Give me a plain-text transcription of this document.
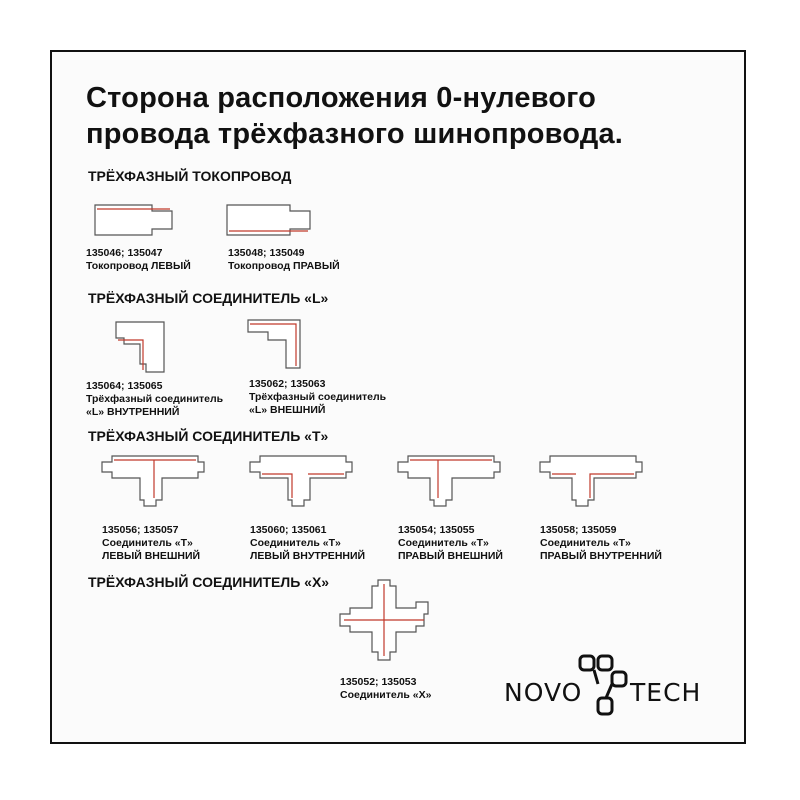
Сторона расположения 0-нулевого
провода трёхфазного шинопровода.
ТРЁХФАЗНЫЙ ТОКОПРОВОД
135046; 135047
Токопровод ЛЕВЫЙ
135048; 135049
Токопровод ПРАВЫЙ
ТРЁХФАЗНЫЙ СОЕДИНИТЕЛЬ «L»
135064; 135065
Трёхфазный соединитель
«L» ВНУТРЕННИЙ
135062; 135063
Трёхфазный соединитель
«L» ВНЕШНИЙ
ТРЁХФАЗНЫЙ СОЕДИНИТЕЛЬ «T»
135056; 135057
Соединитель «T»
ЛЕВЫЙ ВНЕШНИЙ
135060; 135061
Соединитель «T»
ЛЕВЫЙ ВНУТРЕННИЙ
135054; 135055
Соединитель «T»
ПРАВЫЙ ВНЕШНИЙ
135058; 135059
Соединитель «T»
ПРАВЫЙ ВНУТРЕННИЙ
ТРЁХФАЗНЫЙ СОЕДИНИТЕЛЬ «X»
135052; 135053
Соединитель «X»	NOVO TECH
